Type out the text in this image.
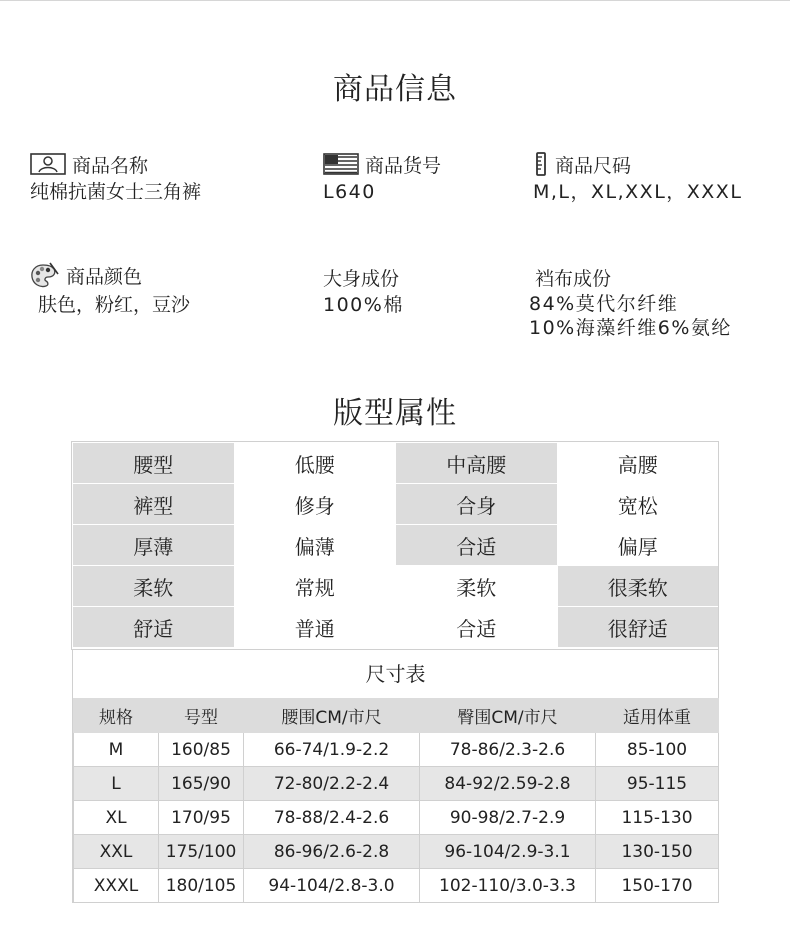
商品信息
商品名称
纯棉抗菌女士三角裤
商品货号
L640
商品尺码
M,L，XL,XXL，XXXL
商品颜色
肤色，粉红，豆沙
大身成份
100%棉
裆布成份
84%莫代尔纤维
10%海藻纤维6%氨纶
版型属性
腰型	低腰	中高腰	高腰
裤型	修身	合身	宽松
厚薄	偏薄	合适	偏厚
柔软	常规	柔软	很柔软
舒适	普通	合适	很舒适
尺寸表
规格	号型	腰围CM/市尺	臀围CM/市尺	适用体重
M	160/85	66-74/1.9-2.2	78-86/2.3-2.6	85-100
L	165/90	72-80/2.2-2.4	84-92/2.59-2.8	95-115
XL	170/95	78-88/2.4-2.6	90-98/2.7-2.9	115-130
XXL	175/100	86-96/2.6-2.8	96-104/2.9-3.1	130-150
XXXL	180/105	94-104/2.8-3.0	102-110/3.0-3.3	150-170
